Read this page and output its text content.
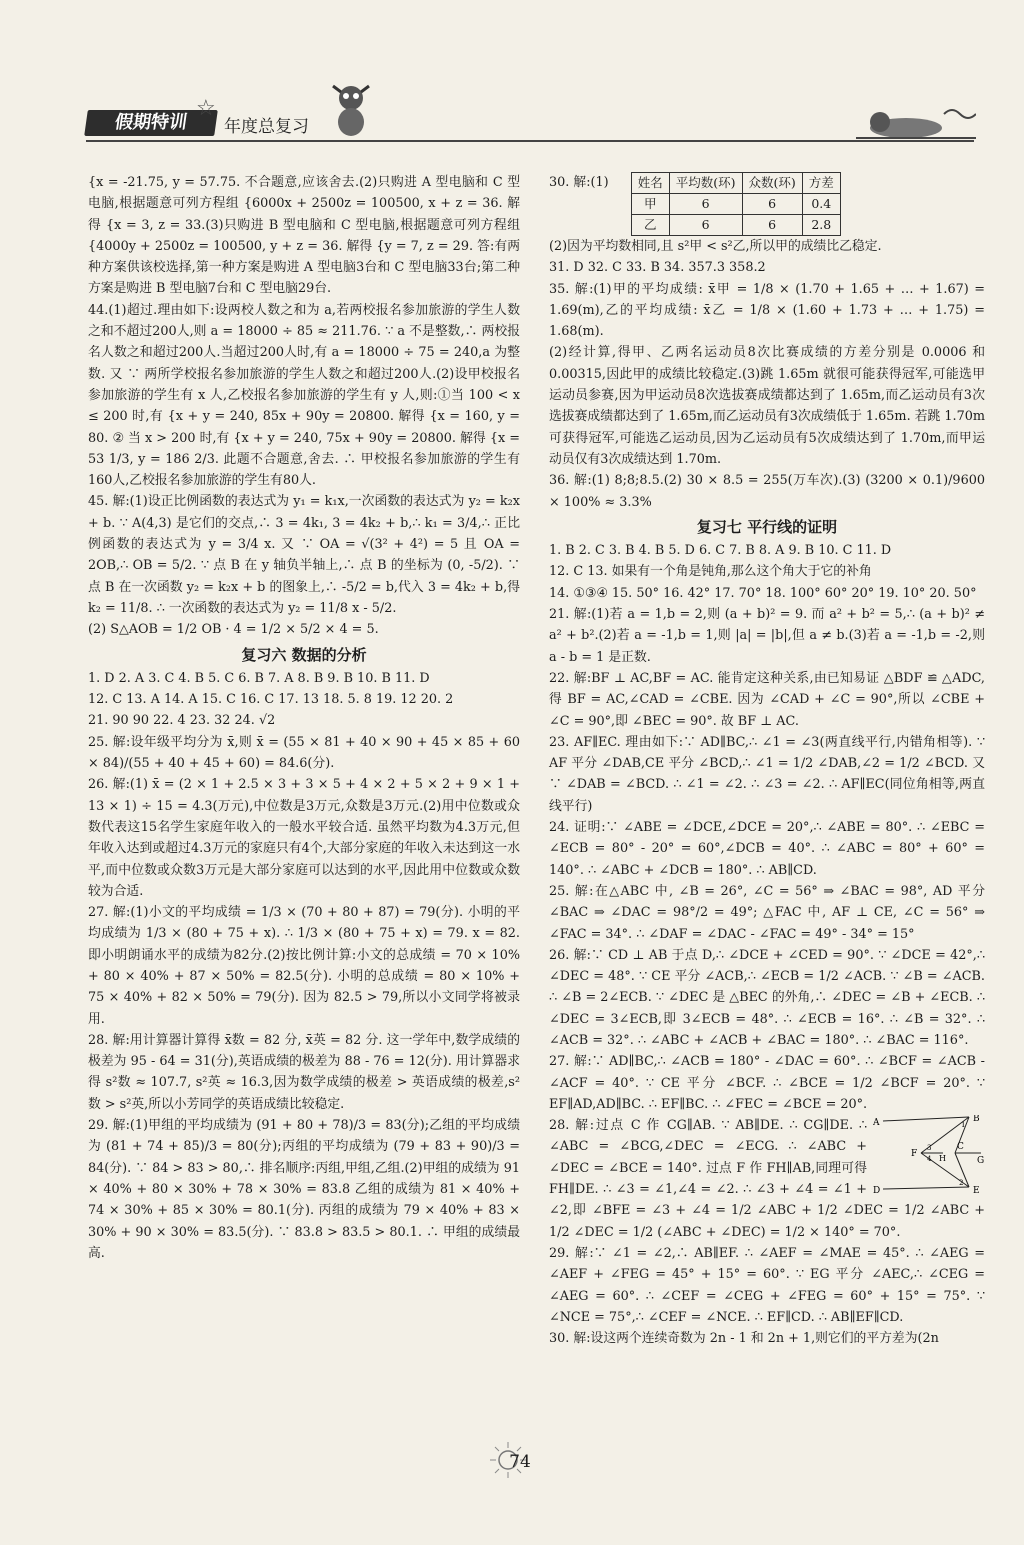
假期特训
☆
年度总复习

{x = -21.75, y = 57.75. 不合题意,应该舍去.(2)只购进 A 型电脑和 C 型电脑,根据题意可列方程组 {6000x + 2500z = 100500, x + z = 36. 解得 {x = 3, z = 33.(3)只购进 B 型电脑和 C 型电脑,根据题意可列方程组 {4000y + 2500z = 100500, y + z = 36. 解得 {y = 7, z = 29. 答:有两种方案供该校选择,第一种方案是购进 A 型电脑3台和 C 型电脑33台;第二种方案是购进 B 型电脑7台和 C 型电脑29台.

44.(1)超过.理由如下:设两校人数之和为 a,若两校报名参加旅游的学生人数之和不超过200人,则 a = 18000 ÷ 85 ≈ 211.76. ∵ a 不是整数,∴ 两校报名人数之和超过200人.当超过200人时,有 a = 18000 ÷ 75 = 240,a 为整数. 又 ∵ 两所学校报名参加旅游的学生人数之和超过200人.(2)设甲校报名参加旅游的学生有 x 人,乙校报名参加旅游的学生有 y 人,则:①当 100 < x ≤ 200 时,有 {x + y = 240, 85x + 90y = 20800. 解得 {x = 160, y = 80. ② 当 x > 200 时,有 {x + y = 240, 75x + 90y = 20800. 解得 {x = 53 1/3, y = 186 2/3. 此题不合题意,舍去. ∴ 甲校报名参加旅游的学生有160人,乙校报名参加旅游的学生有80人.

45. 解:(1)设正比例函数的表达式为 y₁ = k₁x,一次函数的表达式为 y₂ = k₂x + b. ∵ A(4,3) 是它们的交点,∴ 3 = 4k₁, 3 = 4k₂ + b,∴ k₁ = 3/4,∴ 正比例函数的表达式为 y = 3/4 x. 又 ∵ OA = √(3² + 4²) = 5 且 OA = 2OB,∴ OB = 5/2. ∵ 点 B 在 y 轴负半轴上,∴ 点 B 的坐标为 (0, -5/2). ∵ 点 B 在一次函数 y₂ = k₂x + b 的图象上,∴ -5/2 = b,代入 3 = 4k₂ + b,得 k₂ = 11/8. ∴ 一次函数的表达式为 y₂ = 11/8 x - 5/2.

(2) S△AOB = 1/2 OB · 4 = 1/2 × 5/2 × 4 = 5.

复习六 数据的分析

1. D 2. A 3. C 4. B 5. C 6. B 7. A 8. B 9. B 10. B 11. D

12. C 13. A 14. A 15. C 16. C 17. 13 18. 5. 8 19. 12 20. 2

21. 90 90 22. 4 23. 32 24. √2

25. 解:设年级平均分为 x̄,则 x̄ = (55 × 81 + 40 × 90 + 45 × 85 + 60 × 84)/(55 + 40 + 45 + 60) = 84.6(分).

26. 解:(1) x̄ = (2 × 1 + 2.5 × 3 + 3 × 5 + 4 × 2 + 5 × 2 + 9 × 1 + 13 × 1) ÷ 15 = 4.3(万元),中位数是3万元,众数是3万元.(2)用中位数或众数代表这15名学生家庭年收入的一般水平较合适. 虽然平均数为4.3万元,但年收入达到或超过4.3万元的家庭只有4个,大部分家庭的年收入未达到这一水平,而中位数或众数3万元是大部分家庭可以达到的水平,因此用中位数或众数较为合适.

27. 解:(1)小文的平均成绩 = 1/3 × (70 + 80 + 87) = 79(分). 小明的平均成绩为 1/3 × (80 + 75 + x). ∴ 1/3 × (80 + 75 + x) = 79. x = 82. 即小明朗诵水平的成绩为82分.(2)按比例计算:小文的总成绩 = 70 × 10% + 80 × 40% + 87 × 50% = 82.5(分). 小明的总成绩 = 80 × 10% + 75 × 40% + 82 × 50% = 79(分). 因为 82.5 > 79,所以小文同学将被录用.

28. 解:用计算器计算得 x̄数 = 82 分, x̄英 = 82 分. 这一学年中,数学成绩的极差为 95 - 64 = 31(分),英语成绩的极差为 88 - 76 = 12(分). 用计算器求得 s²数 ≈ 107.7, s²英 ≈ 16.3,因为数学成绩的极差 > 英语成绩的极差,s²数 > s²英,所以小芳同学的英语成绩比较稳定.

29. 解:(1)甲组的平均成绩为 (91 + 80 + 78)/3 = 83(分);乙组的平均成绩为 (81 + 74 + 85)/3 = 80(分);丙组的平均成绩为 (79 + 83 + 90)/3 = 84(分). ∵ 84 > 83 > 80,∴ 排名顺序:丙组,甲组,乙组.(2)甲组的成绩为 91 × 40% + 80 × 30% + 78 × 30% = 83.8 乙组的成绩为 81 × 40% + 74 × 30% + 85 × 30% = 80.1(分). 丙组的成绩为 79 × 40% + 83 × 30% + 90 × 30% = 83.5(分). ∵ 83.8 > 83.5 > 80.1. ∴ 甲组的成绩最高.

30. 解:(1) 姓名	平均数(环)	众数(环)	方差
甲	6	6	0.4
乙	6	6	2.8

(2)因为平均数相同,且 s²甲 < s²乙,所以甲的成绩比乙稳定.

31. D 32. C 33. B 34. 357.3 358.2

35. 解:(1)甲的平均成绩: x̄甲 = 1/8 × (1.70 + 1.65 + … + 1.67) = 1.69(m),乙的平均成绩: x̄乙 = 1/8 × (1.60 + 1.73 + … + 1.75) = 1.68(m).

(2)经计算,得甲、乙两名运动员8次比赛成绩的方差分别是 0.0006 和 0.00315,因此甲的成绩比较稳定.(3)跳 1.65m 就很可能获得冠军,可能选甲运动员参赛,因为甲运动员8次选拔赛成绩都达到了 1.65m,而乙运动员有3次选拔赛成绩都达到了 1.65m,而乙运动员有3次成绩低于 1.65m. 若跳 1.70m 可获得冠军,可能选乙运动员,因为乙运动员有5次成绩达到了 1.70m,而甲运动员仅有3次成绩达到 1.70m.

36. 解:(1) 8;8;8.5.(2) 30 × 8.5 = 255(万车次).(3) (3200 × 0.1)/9600 × 100% ≈ 3.3%

复习七 平行线的证明

1. B 2. C 3. B 4. B 5. D 6. C 7. B 8. A 9. B 10. C 11. D

12. C 13. 如果有一个角是钝角,那么这个角大于它的补角

14. ①③④ 15. 50° 16. 42° 17. 70° 18. 100° 60° 20° 19. 10° 20. 50°

21. 解:(1)若 a = 1,b = 2,则 (a + b)² = 9. 而 a² + b² = 5,∴ (a + b)² ≠ a² + b².(2)若 a = -1,b = 1,则 |a| = |b|,但 a ≠ b.(3)若 a = -1,b = -2,则 a - b = 1 是正数.

22. 解:BF ⊥ AC,BF = AC. 能肯定这种关系,由已知易证 △BDF ≌ △ADC,得 BF = AC,∠CAD = ∠CBE. 因为 ∠CAD + ∠C = 90°,所以 ∠CBE + ∠C = 90°,即 ∠BEC = 90°. 故 BF ⊥ AC.

23. AF∥EC. 理由如下:∵ AD∥BC,∴ ∠1 = ∠3(两直线平行,内错角相等). ∵ AF 平分 ∠DAB,CE 平分 ∠BCD,∴ ∠1 = 1/2 ∠DAB,∠2 = 1/2 ∠BCD. 又 ∵ ∠DAB = ∠BCD. ∴ ∠1 = ∠2. ∴ ∠3 = ∠2. ∴ AF∥EC(同位角相等,两直线平行)

24. 证明:∵ ∠ABE = ∠DCE,∠DCE = 20°,∴ ∠ABE = 80°. ∴ ∠EBC = ∠ECB = 80° - 20° = 60°,∠DCB = 40°. ∴ ∠ABC = 80° + 60° = 140°. ∴ ∠ABC + ∠DCB = 180°. ∴ AB∥CD.

25. 解:在△ABC 中, ∠B = 26°, ∠C = 56° ⇒ ∠BAC = 98°, AD 平分 ∠BAC ⇒ ∠DAC = 98°/2 = 49°; △FAC 中, AF ⊥ CE, ∠C = 56° ⇒ ∠FAC = 34°. ∴ ∠DAF = ∠DAC - ∠FAC = 49° - 34° = 15°

26. 解:∵ CD ⊥ AB 于点 D,∴ ∠DCE + ∠CED = 90°. ∵ ∠DCE = 42°,∴ ∠DEC = 48°. ∵ CE 平分 ∠ACB,∴ ∠ECB = 1/2 ∠ACB. ∵ ∠B = ∠ACB. ∴ ∠B = 2∠ECB. ∵ ∠DEC 是 △BEC 的外角,∴ ∠DEC = ∠B + ∠ECB. ∴ ∠DEC = 3∠ECB,即 3∠ECB = 48°. ∴ ∠ECB = 16°. ∴ ∠B = 32°. ∴ ∠ACB = 32°. ∴ ∠ABC + ∠ACB + ∠BAC = 180°. ∴ ∠BAC = 116°.

27. 解:∵ AD∥BC,∴ ∠ACB = 180° - ∠DAC = 60°. ∴ ∠BCF = ∠ACB - ∠ACF = 40°. ∵ CE 平分 ∠BCF. ∴ ∠BCE = 1/2 ∠BCF = 20°. ∵ EF∥AD,AD∥BC. ∴ EF∥BC. ∴ ∠FEC = ∠BCE = 20°.

A	B
C
D	E
F
G
H
1
2
3
4

28. 解:过点 C 作 CG∥AB. ∵ AB∥DE. ∴ CG∥DE. ∴ ∠ABC = ∠BCG,∠DEC = ∠ECG. ∴ ∠ABC + ∠DEC = ∠BCE = 140°. 过点 F 作 FH∥AB,同理可得 FH∥DE. ∴ ∠3 = ∠1,∠4 = ∠2. ∴ ∠3 + ∠4 = ∠1 + ∠2,即 ∠BFE = ∠3 + ∠4 = 1/2 ∠ABC + 1/2 ∠DEC = 1/2 ∠ABC + 1/2 ∠DEC = 1/2 (∠ABC + ∠DEC) = 1/2 × 140° = 70°.

29. 解:∵ ∠1 = ∠2,∴ AB∥EF. ∴ ∠AEF = ∠MAE = 45°. ∴ ∠AEG = ∠AEF + ∠FEG = 45° + 15° = 60°. ∵ EG 平分 ∠AEC,∴ ∠CEG = ∠AEG = 60°. ∴ ∠CEF = ∠CEG + ∠FEG = 60° + 15° = 75°. ∵ ∠NCE = 75°,∴ ∠CEF = ∠NCE. ∴ EF∥CD. ∴ AB∥EF∥CD.

30. 解:设这两个连续奇数为 2n - 1 和 2n + 1,则它们的平方差为(2n

74
